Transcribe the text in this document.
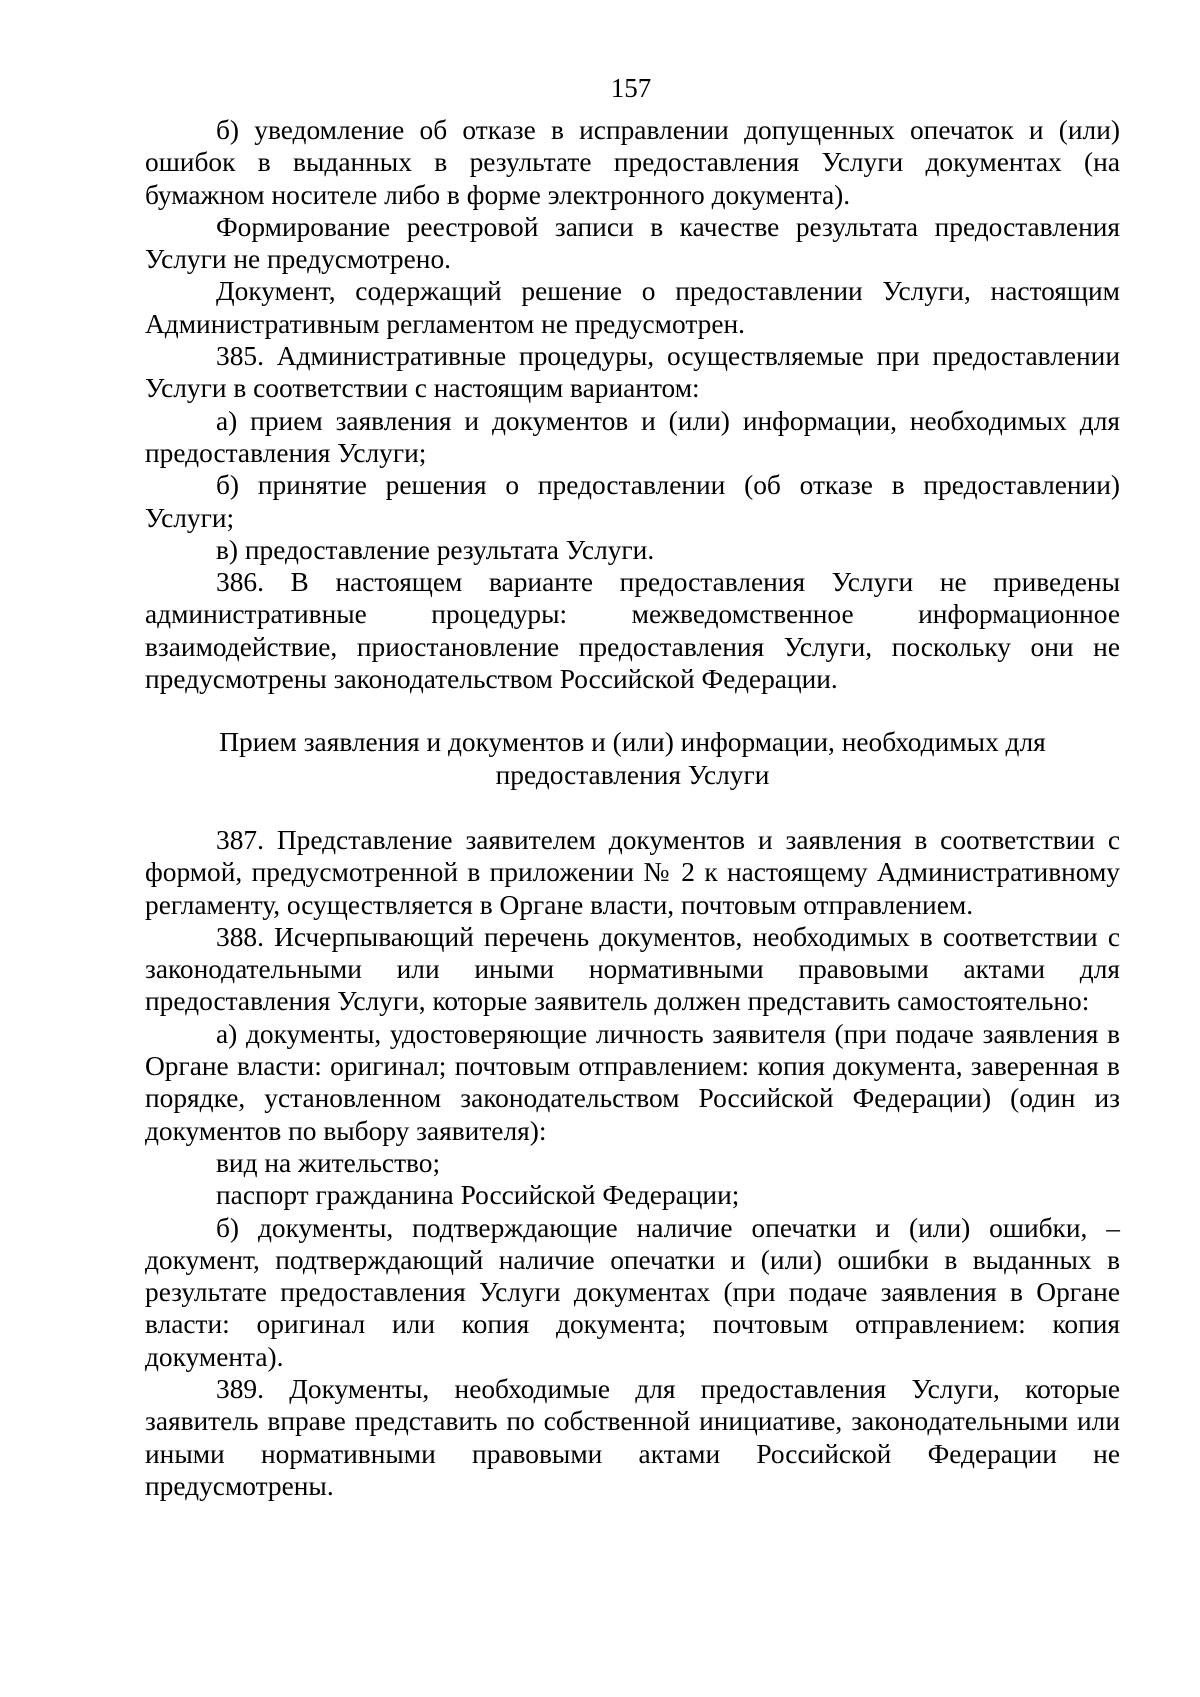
157

б) уведомление об отказе в исправлении допущенных опечаток и (или) ошибок в выданных в результате предоставления Услуги документах (на бумажном носителе либо в форме электронного документа).

Формирование реестровой записи в качестве результата предоставления Услуги не предусмотрено.

Документ, содержащий решение о предоставлении Услуги, настоящим Административным регламентом не предусмотрен.

385. Административные процедуры, осуществляемые при предоставлении Услуги в соответствии с настоящим вариантом:

а) прием заявления и документов и (или) информации, необходимых для предоставления Услуги;

б) принятие решения о предоставлении (об отказе в предоставлении) Услуги;

в) предоставление результата Услуги.

386. В настоящем варианте предоставления Услуги не приведены административные процедуры: межведомственное информационное взаимодействие, приостановление предоставления Услуги, поскольку они не предусмотрены законодательством Российской Федерации.

Прием заявления и документов и (или) информации, необходимых для предоставления Услуги

387. Представление заявителем документов и заявления в соответствии с формой, предусмотренной в приложении № 2 к настоящему Административному регламенту, осуществляется в Органе власти, почтовым отправлением.

388. Исчерпывающий перечень документов, необходимых в соответствии с законодательными или иными нормативными правовыми актами для предоставления Услуги, которые заявитель должен представить самостоятельно:

а) документы, удостоверяющие личность заявителя (при подаче заявления в Органе власти: оригинал; почтовым отправлением: копия документа, заверенная в порядке, установленном законодательством Российской Федерации) (один из документов по выбору заявителя):

вид на жительство;

паспорт гражданина Российской Федерации;

б) документы, подтверждающие наличие опечатки и (или) ошибки, – документ, подтверждающий наличие опечатки и (или) ошибки в выданных в результате предоставления Услуги документах (при подаче заявления в Органе власти: оригинал или копия документа; почтовым отправлением: копия документа).

389. Документы, необходимые для предоставления Услуги, которые заявитель вправе представить по собственной инициативе, законодательными или иными нормативными правовыми актами Российской Федерации не предусмотрены.
